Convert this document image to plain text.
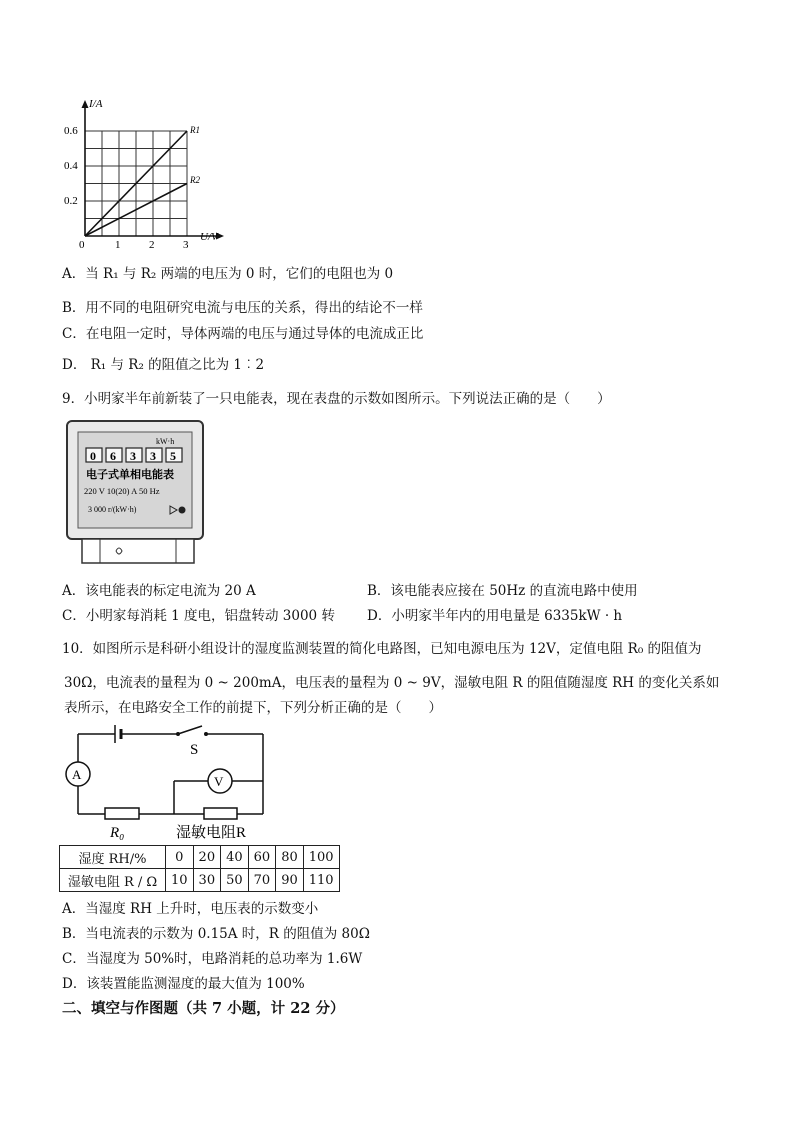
I/A
U/V
0
0.6
0.4
0.2
1	2	3
R1
R2
A．当 R₁ 与 R₂ 两端的电压为 0 时，它们的电阻也为 0
B．用不同的电阻研究电流与电压的关系，得出的结论不一样
C．在电阻一定时，导体两端的电压与通过导体的电流成正比
D． R₁ 与 R₂ 的阻值之比为 1︰2
9．小明家半年前新装了一只电能表，现在表盘的示数如图所示。下列说法正确的是（　　）
kW·h
0 6 3 3 5
电子式单相电能表
220 V 10(20) A 50 Hz
3 000 r/(kW·h)
A．该电能表的标定电流为 20 A	B．该电能表应接在 50Hz 的直流电路中使用
C．小明家每消耗 1 度电，铝盘转动 3000 转 D．小明家半年内的用电量是 6335kW · h
10．如图所示是科研小组设计的湿度监测装置的简化电路图，已知电源电压为 12V，定值电阻 R₀ 的阻值为
30Ω，电流表的量程为 0 ~ 200mA，电压表的量程为 0 ~ 9V，湿敏电阻 R 的阻值随湿度 RH 的变化关系如
表所示，在电路安全工作的前提下，下列分析正确的是（　　）
S
A	V
R₀	湿敏电阻R
湿度 RH/%	0	20	40	60	80	100
湿敏电阻 R / Ω	10	30	50	70	90	110
A．当湿度 RH 上升时，电压表的示数变小
B．当电流表的示数为 0.15A 时，R 的阻值为 80Ω
C．当湿度为 50%时，电路消耗的总功率为 1.6W
D．该装置能监测湿度的最大值为 100%
二、填空与作图题（共 7 小题，计 22 分）
